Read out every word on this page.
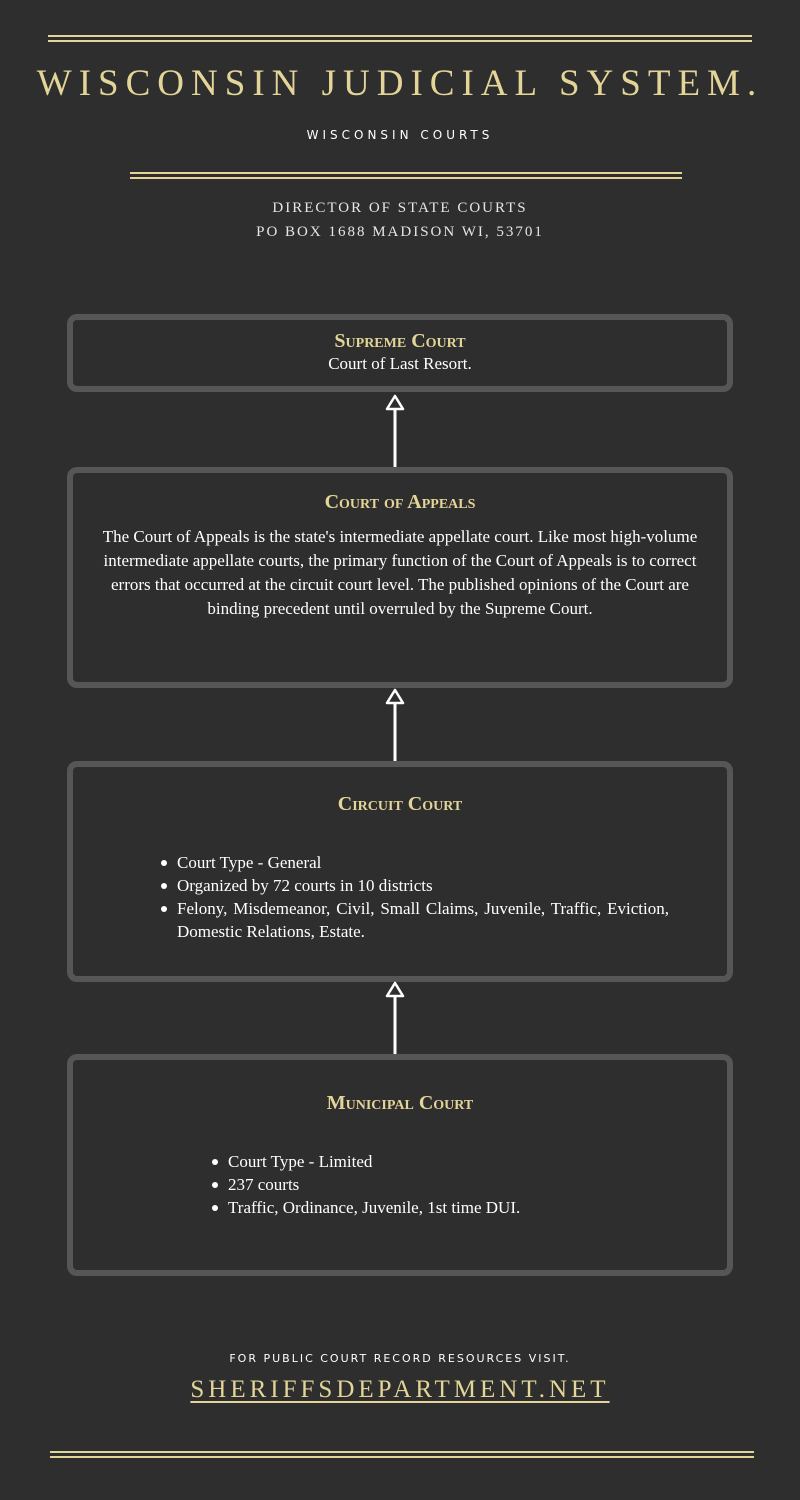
WISCONSIN JUDICIAL SYSTEM.
WISCONSIN COURTS
DIRECTOR OF STATE COURTS
PO BOX 1688 MADISON WI, 53701
Supreme Court
Court of Last Resort.
Court of Appeals
The Court of Appeals is the state's intermediate appellate court. Like most high-volume intermediate appellate courts, the primary function of the Court of Appeals is to correct errors that occurred at the circuit court level. The published opinions of the Court are binding precedent until overruled by the Supreme Court.
Circuit Court
Court Type - General
Organized by 72 courts in 10 districts
Felony, Misdemeanor, Civil, Small Claims, Juvenile, Traffic, Eviction, Domestic Relations, Estate.
Municipal Court
Court Type - Limited
237 courts
Traffic, Ordinance, Juvenile, 1st time DUI.
FOR PUBLIC COURT RECORD RESOURCES VISIT.
SHERIFFSDEPARTMENT.NET
